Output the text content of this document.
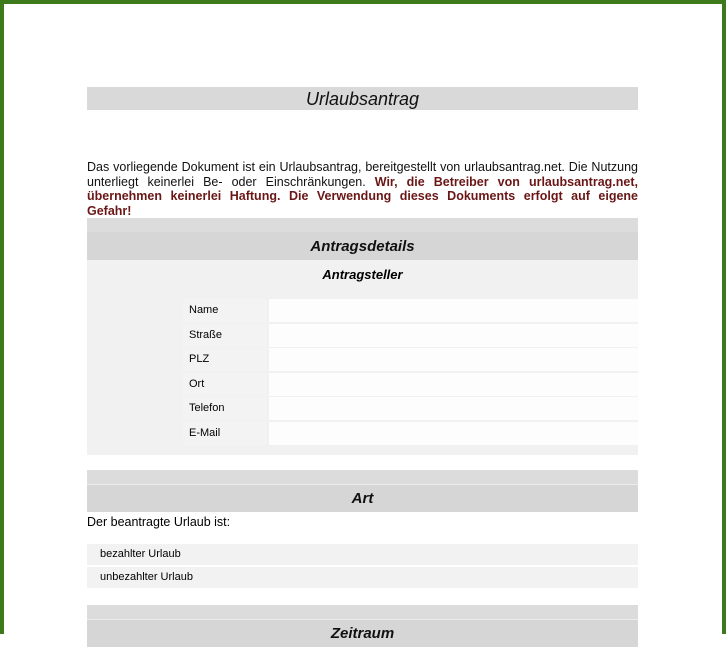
Urlaubsantrag
Das vorliegende Dokument ist ein Urlaubsantrag, bereitgestellt von urlaubsantrag.net. Die Nutzung unterliegt keinerlei Be- oder Einschränkungen. Wir, die Betreiber von urlaubsantrag.net, übernehmen keinerlei Haftung. Die Verwendung dieses Dokuments erfolgt auf eigene Gefahr!
Antragsdetails
Antragsteller
Name
Straße
PLZ
Ort
Telefon
E-Mail
Art
Der beantragte Urlaub ist:
bezahlter Urlaub
unbezahlter Urlaub
Zeitraum
